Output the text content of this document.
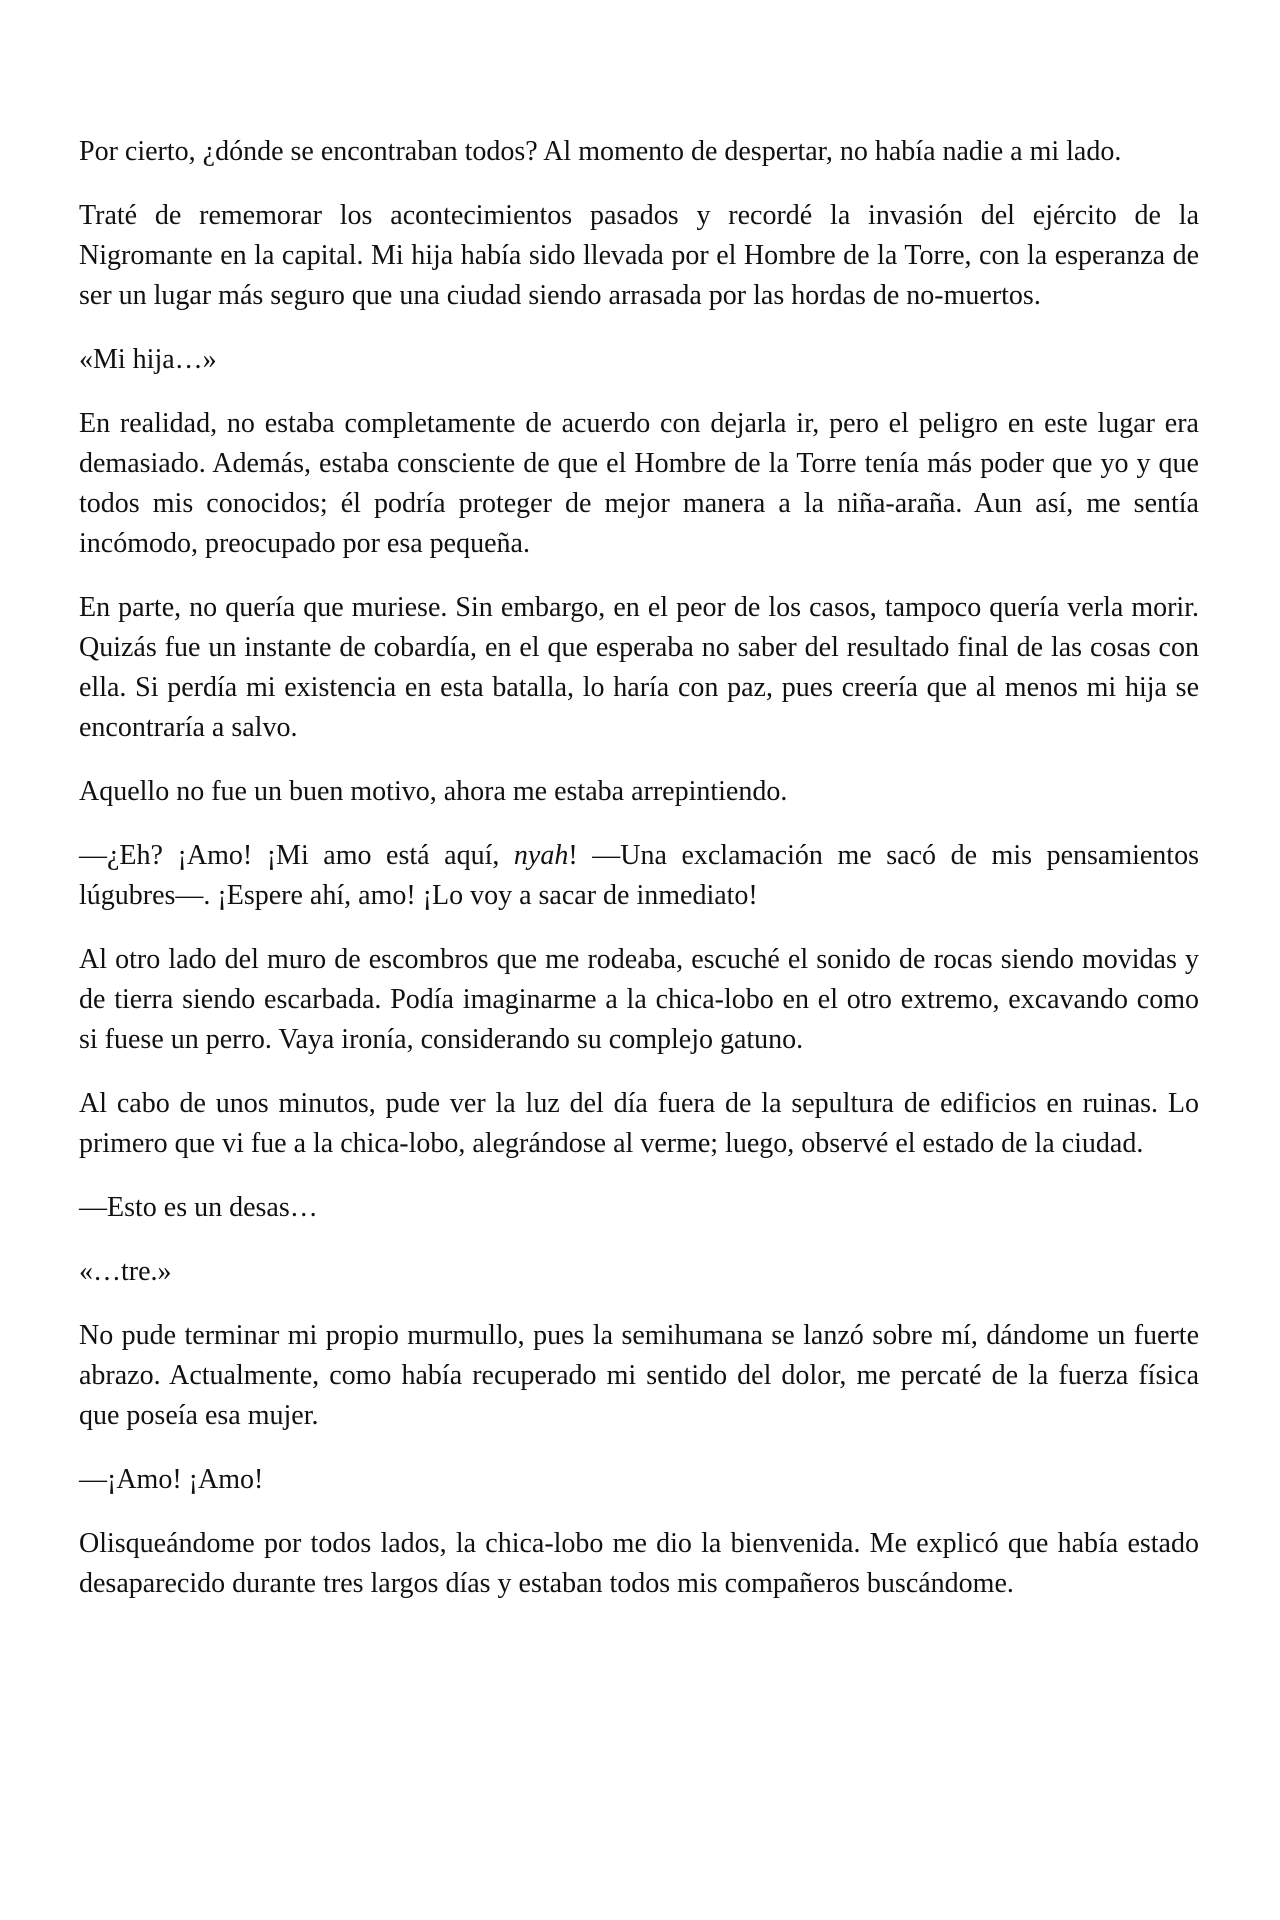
Por cierto, ¿dónde se encontraban todos? Al momento de despertar, no había nadie a mi lado.

Traté de rememorar los acontecimientos pasados y recordé la invasión del ejército de la Nigromante en la capital. Mi hija había sido llevada por el Hombre de la Torre, con la esperanza de ser un lugar más seguro que una ciudad siendo arrasada por las hordas de no-muertos.

«Mi hija…»

En realidad, no estaba completamente de acuerdo con dejarla ir, pero el peligro en este lugar era demasiado. Además, estaba consciente de que el Hombre de la Torre tenía más poder que yo y que todos mis conocidos; él podría proteger de mejor manera a la niña-araña. Aun así, me sentía incómodo, preocupado por esa pequeña.

En parte, no quería que muriese. Sin embargo, en el peor de los casos, tampoco quería verla morir. Quizás fue un instante de cobardía, en el que esperaba no saber del resultado final de las cosas con ella. Si perdía mi existencia en esta batalla, lo haría con paz, pues creería que al menos mi hija se encontraría a salvo.

Aquello no fue un buen motivo, ahora me estaba arrepintiendo.

—¿Eh? ¡Amo! ¡Mi amo está aquí, nyah! —Una exclamación me sacó de mis pensamientos lúgubres—. ¡Espere ahí, amo! ¡Lo voy a sacar de inmediato!

Al otro lado del muro de escombros que me rodeaba, escuché el sonido de rocas siendo movidas y de tierra siendo escarbada. Podía imaginarme a la chica-lobo en el otro extremo, excavando como si fuese un perro. Vaya ironía, considerando su complejo gatuno.

Al cabo de unos minutos, pude ver la luz del día fuera de la sepultura de edificios en ruinas. Lo primero que vi fue a la chica-lobo, alegrándose al verme; luego, observé el estado de la ciudad.

—Esto es un desas…

«…tre.»

No pude terminar mi propio murmullo, pues la semihumana se lanzó sobre mí, dándome un fuerte abrazo. Actualmente, como había recuperado mi sentido del dolor, me percaté de la fuerza física que poseía esa mujer.

—¡Amo! ¡Amo!

Olisqueándome por todos lados, la chica-lobo me dio la bienvenida. Me explicó que había estado desaparecido durante tres largos días y estaban todos mis compañeros buscándome.
